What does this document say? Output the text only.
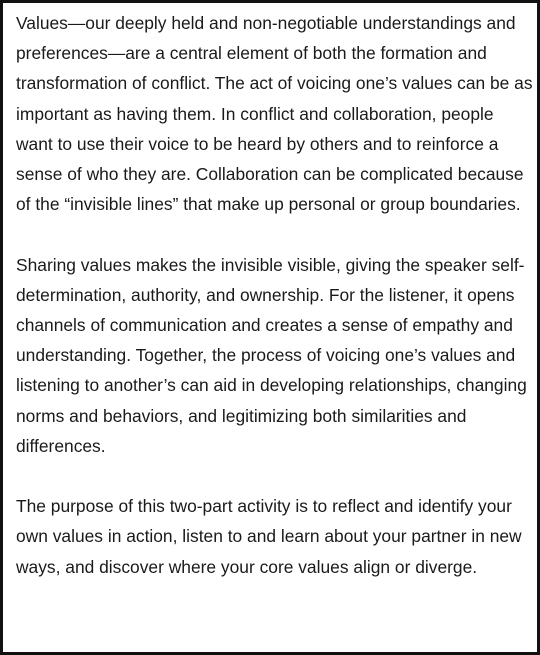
Values—our deeply held and non-negotiable understandings and preferences—are a central element of both the formation and transformation of conflict. The act of voicing one’s values can be as important as having them. In conflict and collaboration, people want to use their voice to be heard by others and to reinforce a sense of who they are. Collaboration can be complicated because of the “invisible lines” that make up personal or group boundaries.

Sharing values makes the invisible visible, giving the speaker self-determination, authority, and ownership. For the listener, it opens channels of communication and creates a sense of empathy and understanding. Together, the process of voicing one’s values and listening to another’s can aid in developing relationships, changing norms and behaviors, and legitimizing both similarities and differences.

The purpose of this two-part activity is to reflect and identify your own values in action, listen to and learn about your partner in new ways, and discover where your core values align or diverge.
